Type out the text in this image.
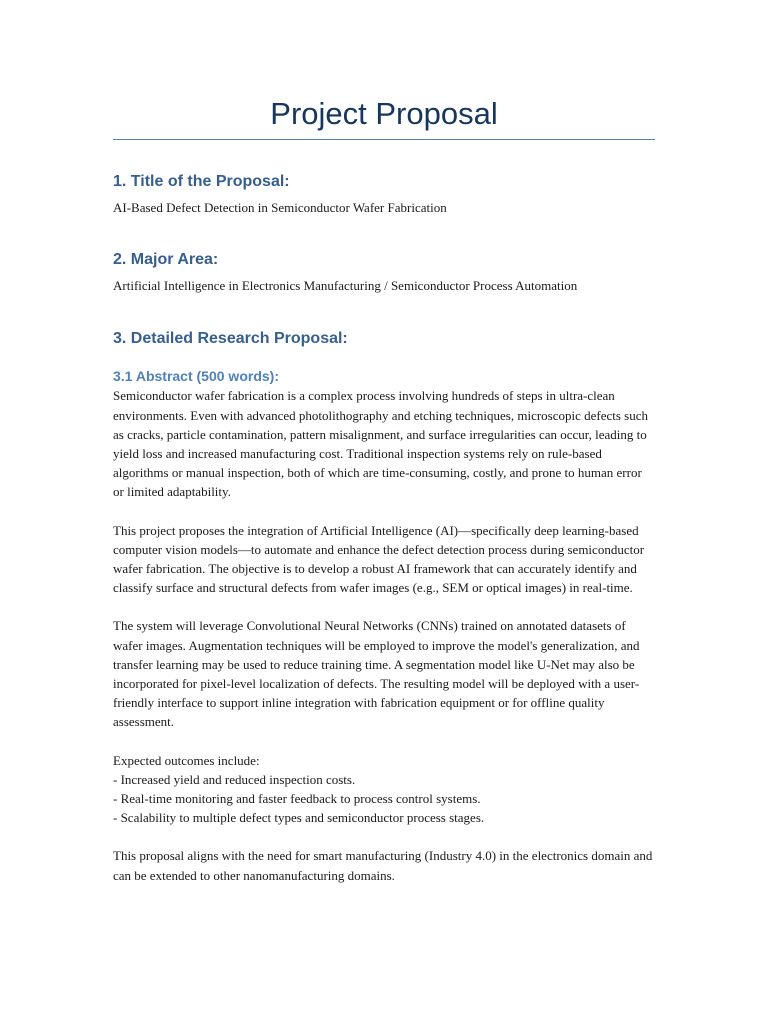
Project Proposal
1. Title of the Proposal:

AI-Based Defect Detection in Semiconductor Wafer Fabrication

2. Major Area:

Artificial Intelligence in Electronics Manufacturing / Semiconductor Process Automation

3. Detailed Research Proposal:
3.1 Abstract (500 words):

Semiconductor wafer fabrication is a complex process involving hundreds of steps in ultra-clean environments. Even with advanced photolithography and etching techniques, microscopic defects such as cracks, particle contamination, pattern misalignment, and surface irregularities can occur, leading to yield loss and increased manufacturing cost. Traditional inspection systems rely on rule-based algorithms or manual inspection, both of which are time-consuming, costly, and prone to human error or limited adaptability.

This project proposes the integration of Artificial Intelligence (AI)—specifically deep learning-based computer vision models—to automate and enhance the defect detection process during semiconductor wafer fabrication. The objective is to develop a robust AI framework that can accurately identify and classify surface and structural defects from wafer images (e.g., SEM or optical images) in real-time.

The system will leverage Convolutional Neural Networks (CNNs) trained on annotated datasets of wafer images. Augmentation techniques will be employed to improve the model's generalization, and transfer learning may be used to reduce training time. A segmentation model like U-Net may also be incorporated for pixel-level localization of defects. The resulting model will be deployed with a user-friendly interface to support inline integration with fabrication equipment or for offline quality assessment.

Expected outcomes include:
- Increased yield and reduced inspection costs.
- Real-time monitoring and faster feedback to process control systems.
- Scalability to multiple defect types and semiconductor process stages.

This proposal aligns with the need for smart manufacturing (Industry 4.0) in the electronics domain and can be extended to other nanomanufacturing domains.
